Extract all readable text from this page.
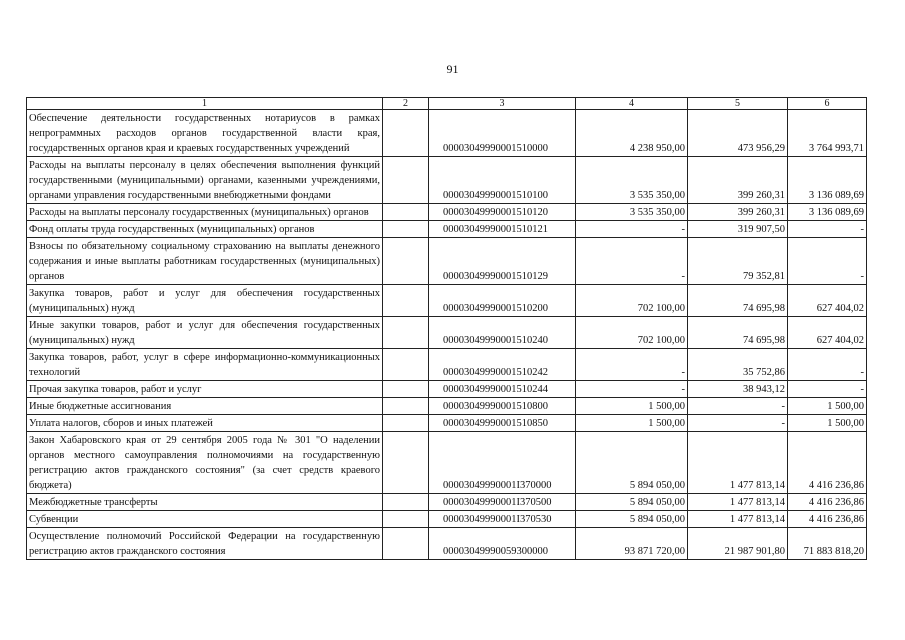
91
1	2	3	4	5	6
Обеспечение деятельности государственных нотариусов в рамках непрограммных расходов органов государственной власти края, государственных органов края и краевых государственных учреждений		00003049990001510000	4 238 950,00	473 956,29	3 764 993,71
Расходы на выплаты персоналу в целях обеспечения выполнения функций государственными (муниципальными) органами, казенными учреждениями, органами управления государственными внебюджетными фондами		00003049990001510100	3 535 350,00	399 260,31	3 136 089,69
Расходы на выплаты персоналу государственных (муниципальных) органов		00003049990001510120	3 535 350,00	399 260,31	3 136 089,69
Фонд оплаты труда государственных (муниципальных) органов		00003049990001510121	-	319 907,50	-
Взносы по обязательному социальному страхованию на выплаты денежного содержания и иные выплаты работникам государственных (муниципальных) органов		00003049990001510129	-	79 352,81	-
Закупка товаров, работ и услуг для обеспечения государственных (муниципальных) нужд		00003049990001510200	702 100,00	74 695,98	627 404,02
Иные закупки товаров, работ и услуг для обеспечения государственных (муниципальных) нужд		00003049990001510240	702 100,00	74 695,98	627 404,02
Закупка товаров, работ, услуг в сфере информационно-коммуникационных технологий		00003049990001510242	-	35 752,86	-
Прочая закупка товаров, работ и услуг		00003049990001510244	-	38 943,12	-
Иные бюджетные ассигнования		00003049990001510800	1 500,00	-	1 500,00
Уплата налогов, сборов и иных платежей		00003049990001510850	1 500,00	-	1 500,00
Закон Хабаровского края от 29 сентября 2005 года № 301 "О наделении органов местного самоуправления полномочиями на государственную регистрацию актов гражданского состояния" (за счет средств краевого бюджета)		00003049990001I370000	5 894 050,00	1 477 813,14	4 416 236,86
Межбюджетные трансферты		00003049990001I370500	5 894 050,00	1 477 813,14	4 416 236,86
Субвенции		00003049990001I370530	5 894 050,00	1 477 813,14	4 416 236,86
Осуществление полномочий Российской Федерации на государственную регистрацию актов гражданского состояния		00003049990059300000	93 871 720,00	21 987 901,80	71 883 818,20
